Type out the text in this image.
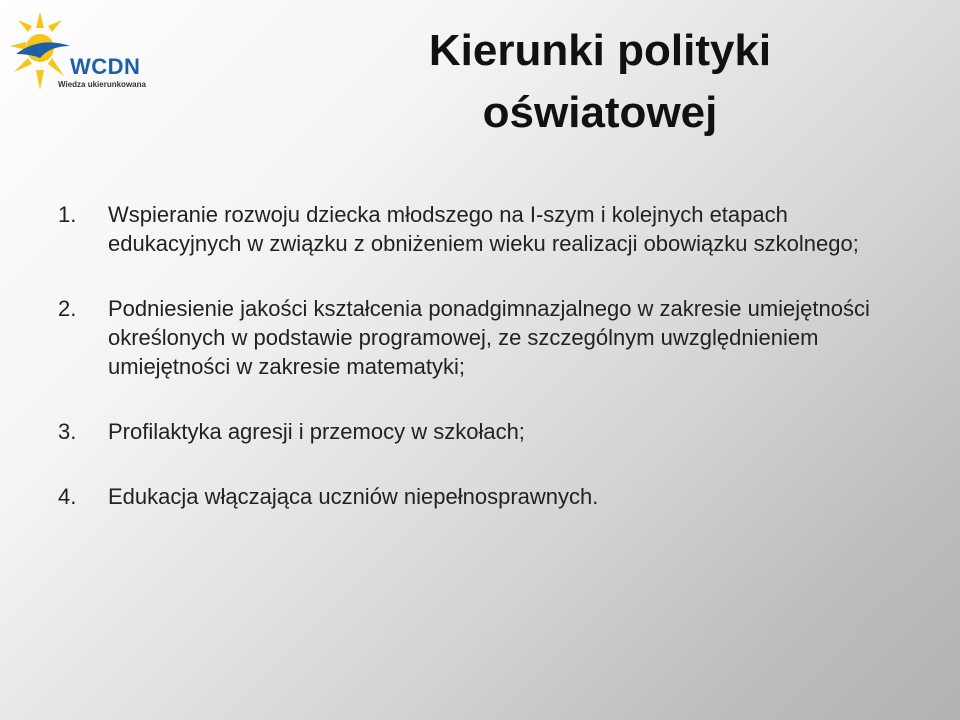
WCDN
Wiedza ukierunkowana
Kierunki polityki oświatowej
1. Wspieranie rozwoju dziecka młodszego na I-szym i kolejnych etapach edukacyjnych w związku z obniżeniem wieku realizacji obowiązku szkolnego;
2. Podniesienie jakości kształcenia ponadgimnazjalnego w zakresie umiejętności określonych w podstawie programowej, ze szczególnym uwzględnieniem umiejętności w zakresie matematyki;
3. Profilaktyka agresji i przemocy w szkołach;
4. Edukacja włączająca uczniów niepełnosprawnych.
